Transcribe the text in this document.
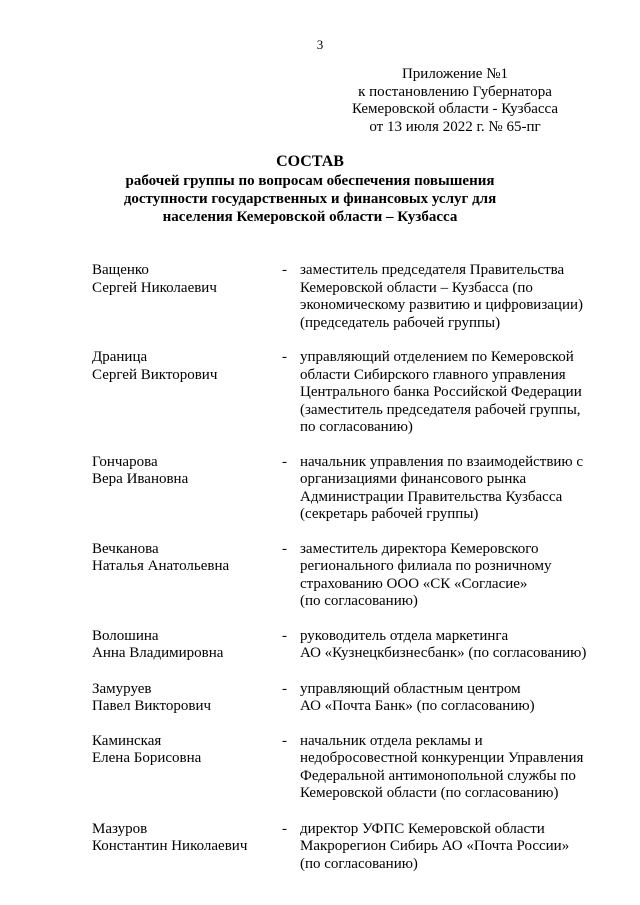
3
Приложение №1
к постановлению Губернатора
Кемеровской области - Кузбасса
от 13 июля 2022 г. № 65-пг
СОСТАВ
рабочей группы по вопросам обеспечения повышения
доступности государственных и финансовых услуг для
населения Кемеровской области – Кузбасса
Ващенко
Сергей Николаевич
- заместитель председателя Правительства
Кемеровской области – Кузбасса (по
экономическому развитию и цифровизации)
(председатель рабочей группы)
Драница
Сергей Викторович
- управляющий отделением по Кемеровской
области Сибирского главного управления
Центрального банка Российской Федерации
(заместитель председателя рабочей группы,
по согласованию)
Гончарова
Вера Ивановна
- начальник управления по взаимодействию с
организациями финансового рынка
Администрации Правительства Кузбасса
(секретарь рабочей группы)
Вечканова
Наталья Анатольевна
- заместитель директора Кемеровского
регионального филиала по розничному
страхованию ООО «СК «Согласие»
(по согласованию)
Волошина
Анна Владимировна
- руководитель отдела маркетинга
АО «Кузнецкбизнесбанк» (по согласованию)
Замуруев
Павел Викторович
- управляющий областным центром
АО «Почта Банк» (по согласованию)
Каминская
Елена Борисовна
- начальник отдела рекламы и
недобросовестной конкуренции Управления
Федеральной антимонопольной службы по
Кемеровской области (по согласованию)
Мазуров
Константин Николаевич
- директор УФПС Кемеровской области
Макрорегион Сибирь АО «Почта России»
(по согласованию)
